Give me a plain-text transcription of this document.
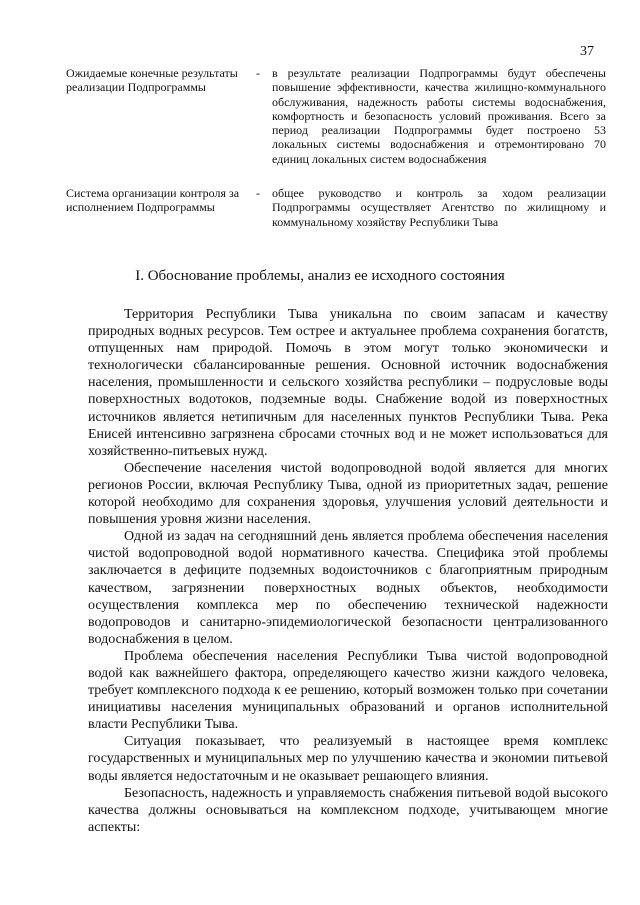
37
Ожидаемые конечные результаты реализации Подпрограммы
-	в результате реализации Подпрограммы будут обеспечены повышение эффективности, качества жилищно-коммунального обслуживания, надежность работы системы водоснабжения, комфортность и безопасность условий проживания. Всего за период реализации Подпрограммы будет построено 53 локальных системы водоснабжения и отремонтировано 70 единиц локальных систем водоснабжения
Система организации контроля за исполнением Подпрограммы
-	общее руководство и контроль за ходом реализации Подпрограммы осуществляет Агентство по жилищному и коммунальному хозяйству Республики Тыва
I. Обоснование проблемы, анализ ее исходного состояния

Территория Республики Тыва уникальна по своим запасам и качеству природных водных ресурсов. Тем острее и актуальнее проблема сохранения богатств, отпущенных нам природой. Помочь в этом могут только экономически и технологически сбалансированные решения. Основной источник водоснабжения населения, промышленности и сельского хозяйства республики – подрусловые воды поверхностных водотоков, подземные воды. Снабжение водой из поверхностных источников является нетипичным для населенных пунктов Республики Тыва. Река Енисей интенсивно загрязнена сбросами сточных вод и не может использоваться для хозяйственно-питьевых нужд.

Обеспечение населения чистой водопроводной водой является для многих регионов России, включая Республику Тыва, одной из приоритетных задач, решение которой необходимо для сохранения здоровья, улучшения условий деятельности и повышения уровня жизни населения.

Одной из задач на сегодняшний день является проблема обеспечения населения чистой водопроводной водой нормативного качества. Специфика этой проблемы заключается в дефиците подземных водоисточников с благоприятным природным качеством, загрязнении поверхностных водных объектов, необходимости осуществления комплекса мер по обеспечению технической надежности водопроводов и санитарно-эпидемиологической безопасности централизованного водоснабжения в целом.

Проблема обеспечения населения Республики Тыва чистой водопроводной водой как важнейшего фактора, определяющего качество жизни каждого человека, требует комплексного подхода к ее решению, который возможен только при сочетании инициативы населения муниципальных образований и органов исполнительной власти Республики Тыва.

Ситуация показывает, что реализуемый в настоящее время комплекс государственных и муниципальных мер по улучшению качества и экономии питьевой воды является недостаточным и не оказывает решающего влияния.

Безопасность, надежность и управляемость снабжения питьевой водой высокого качества должны основываться на комплексном подходе, учитывающем многие аспекты:
